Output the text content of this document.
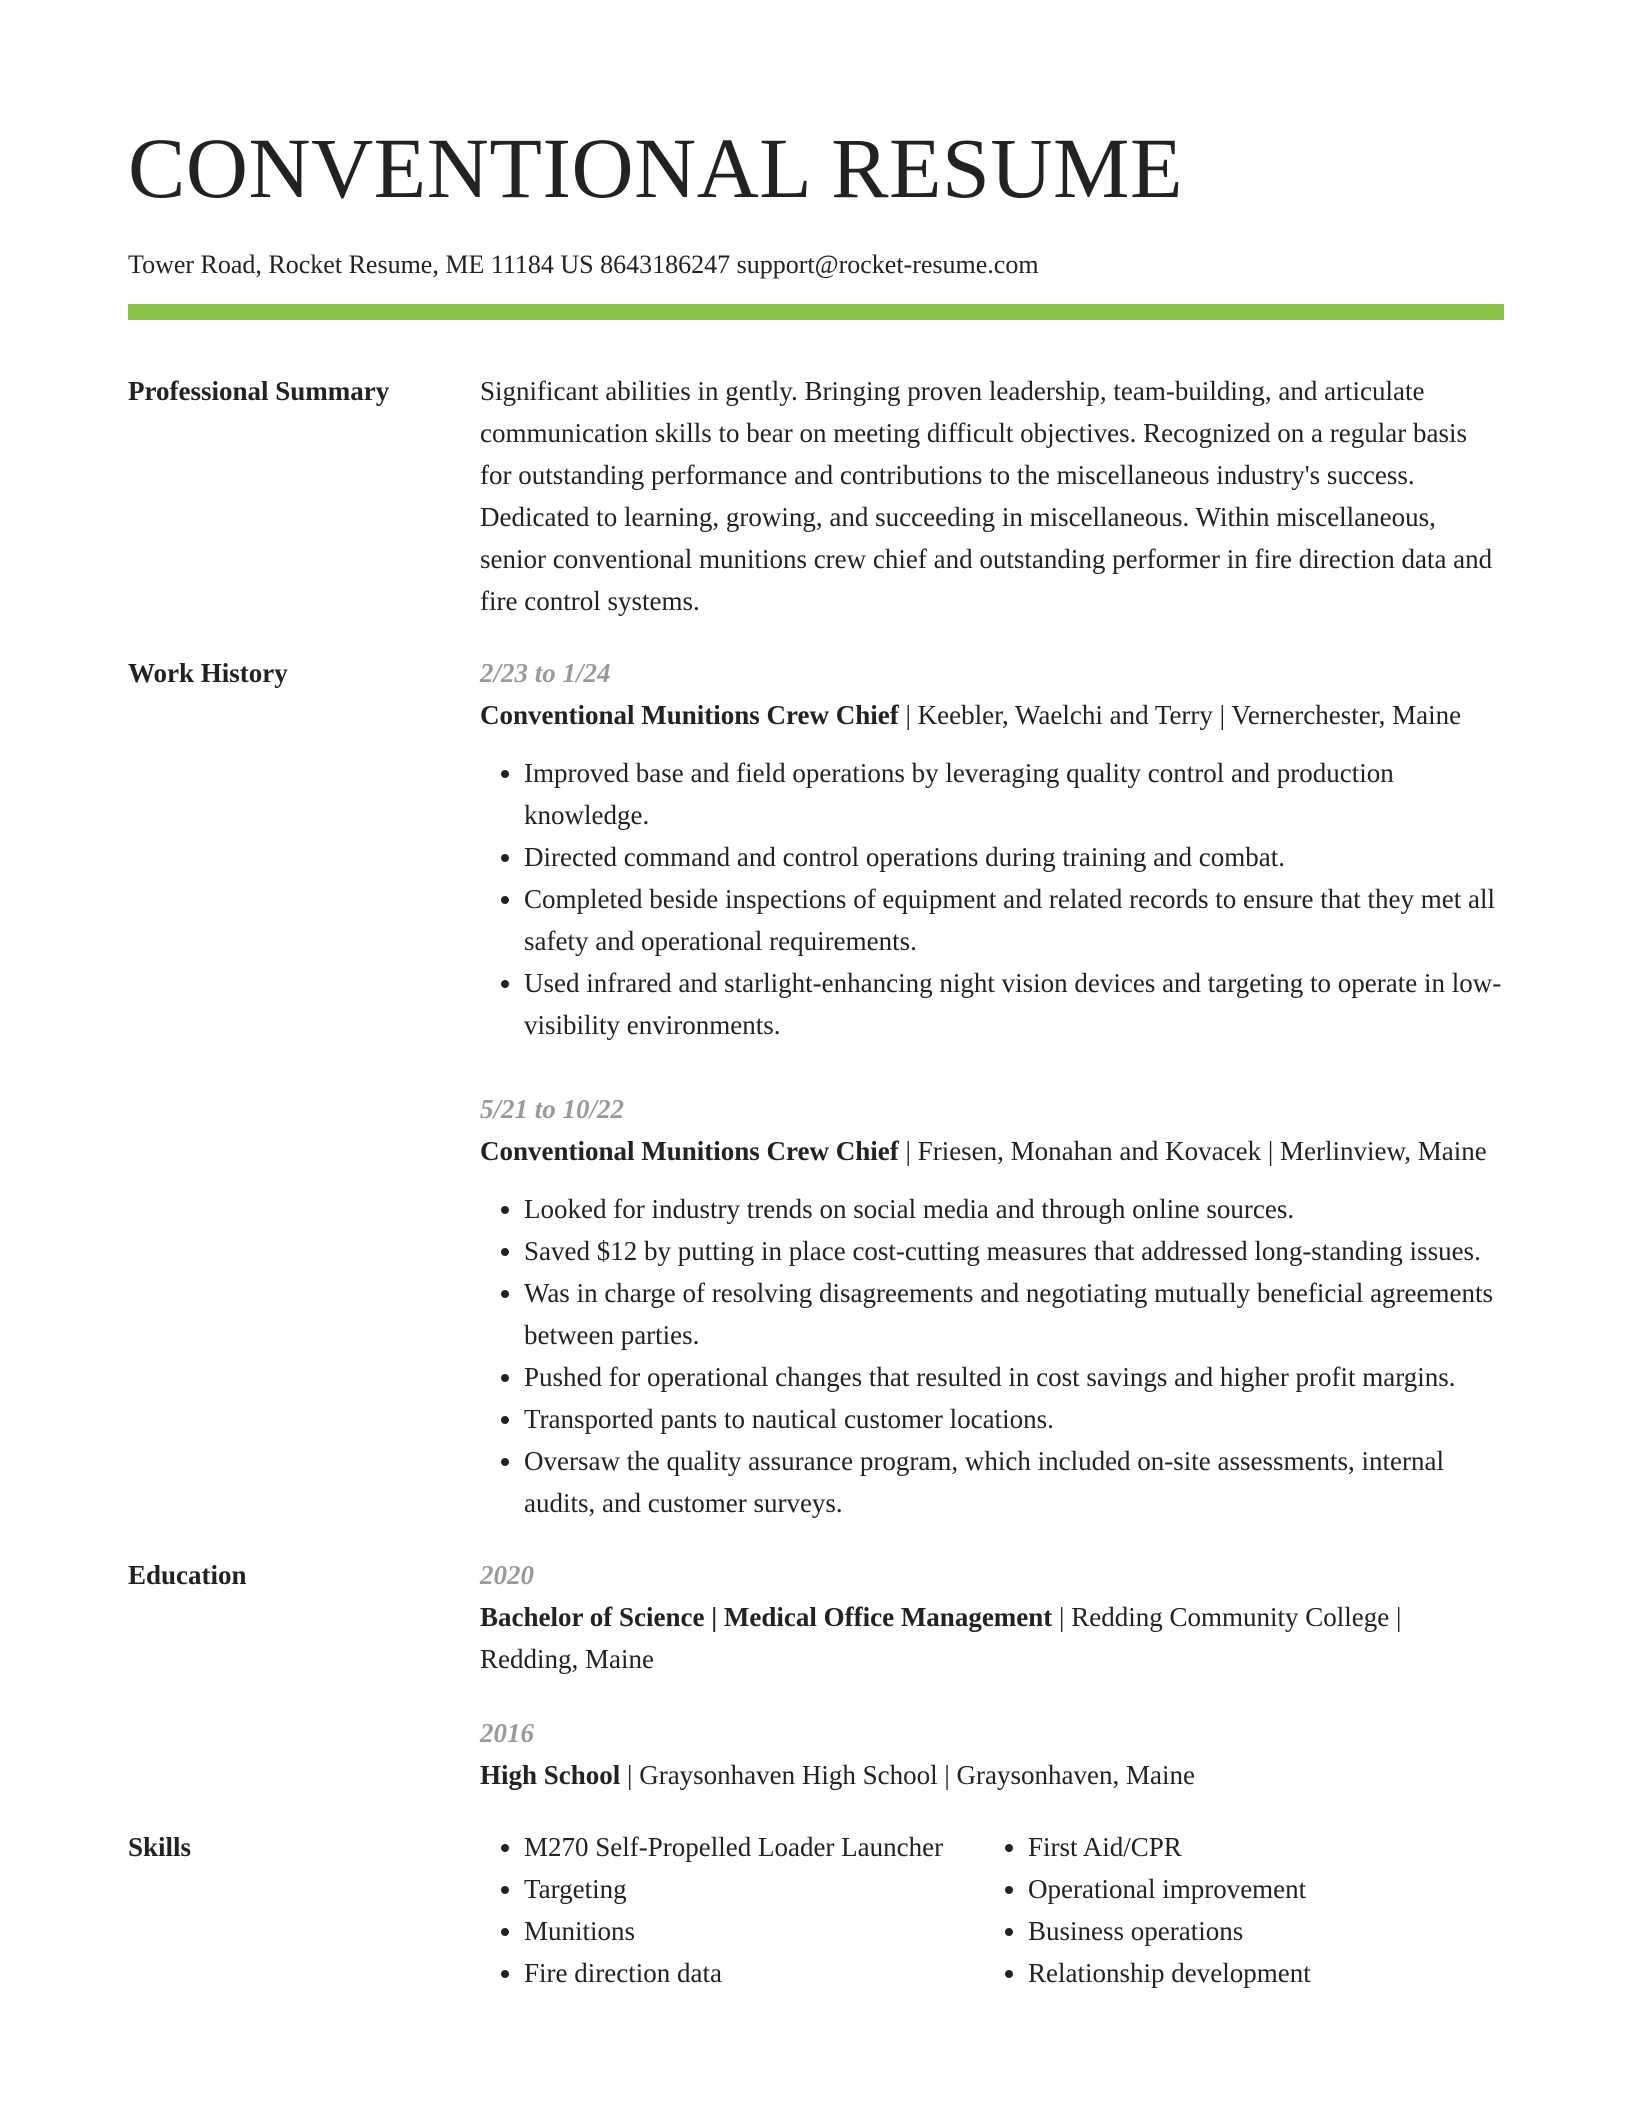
CONVENTIONAL RESUME
Tower Road, Rocket Resume, ME 11184 US 8643186247 support@rocket-resume.com
Professional Summary	Significant abilities in gently. Bringing proven leadership, team-building, and articulate communication skills to bear on meeting difficult objectives. Recognized on a regular basis for outstanding performance and contributions to the miscellaneous industry's success. Dedicated to learning, growing, and succeeding in miscellaneous. Within miscellaneous, senior conventional munitions crew chief and outstanding performer in fire direction data and fire control systems.

Work History	2/23 to 1/24

Conventional Munitions Crew Chief | Keebler, Waelchi and Terry | Vernerchester, Maine

• Improved base and field operations by leveraging quality control and production knowledge.
• Directed command and control operations during training and combat.
• Completed beside inspections of equipment and related records to ensure that they met all safety and operational requirements.
• Used infrared and starlight-enhancing night vision devices and targeting to operate in low-visibility environments.
5/21 to 10/22

Conventional Munitions Crew Chief | Friesen, Monahan and Kovacek | Merlinview, Maine

• Looked for industry trends on social media and through online sources.
• Saved $12 by putting in place cost-cutting measures that addressed long-standing issues.
• Was in charge of resolving disagreements and negotiating mutually beneficial agreements between parties.
• Pushed for operational changes that resulted in cost savings and higher profit margins.
• Transported pants to nautical customer locations.
• Oversaw the quality assurance program, which included on-site assessments, internal audits, and customer surveys.
Education	2020

Bachelor of Science | Medical Office Management | Redding Community College | Redding, Maine

2016

High School | Graysonhaven High School | Graysonhaven, Maine

Skills
•	M270 Self-Propelled Loader Launcher
• Targeting
• Munitions
• Fire direction data
• First Aid/CPR
• Operational improvement
• Business operations
• Relationship development
